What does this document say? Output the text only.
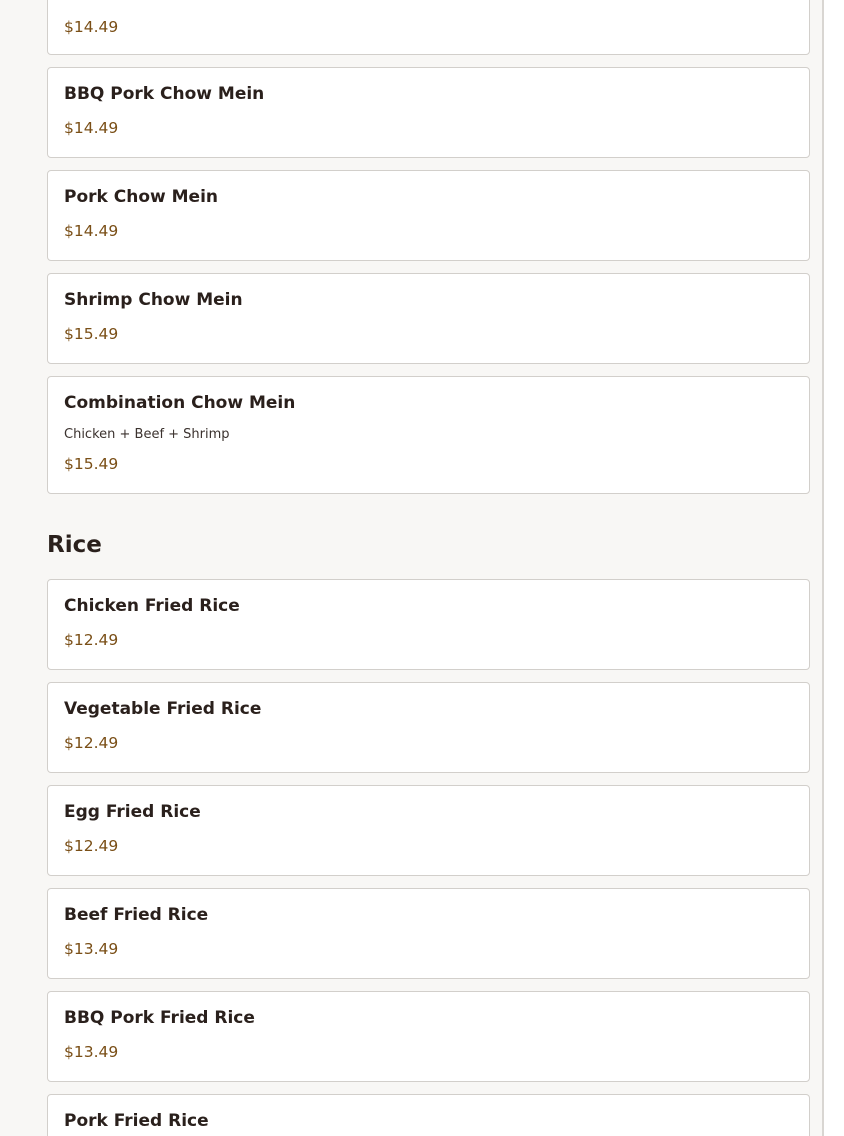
$14.49
BBQ Pork Chow Mein
$14.49
Pork Chow Mein
$14.49
Shrimp Chow Mein
$15.49
Combination Chow Mein
Chicken + Beef + Shrimp
$15.49
Rice
Chicken Fried Rice
$12.49
Vegetable Fried Rice
$12.49
Egg Fried Rice
$12.49
Beef Fried Rice
$13.49
BBQ Pork Fried Rice
$13.49
Pork Fried Rice
